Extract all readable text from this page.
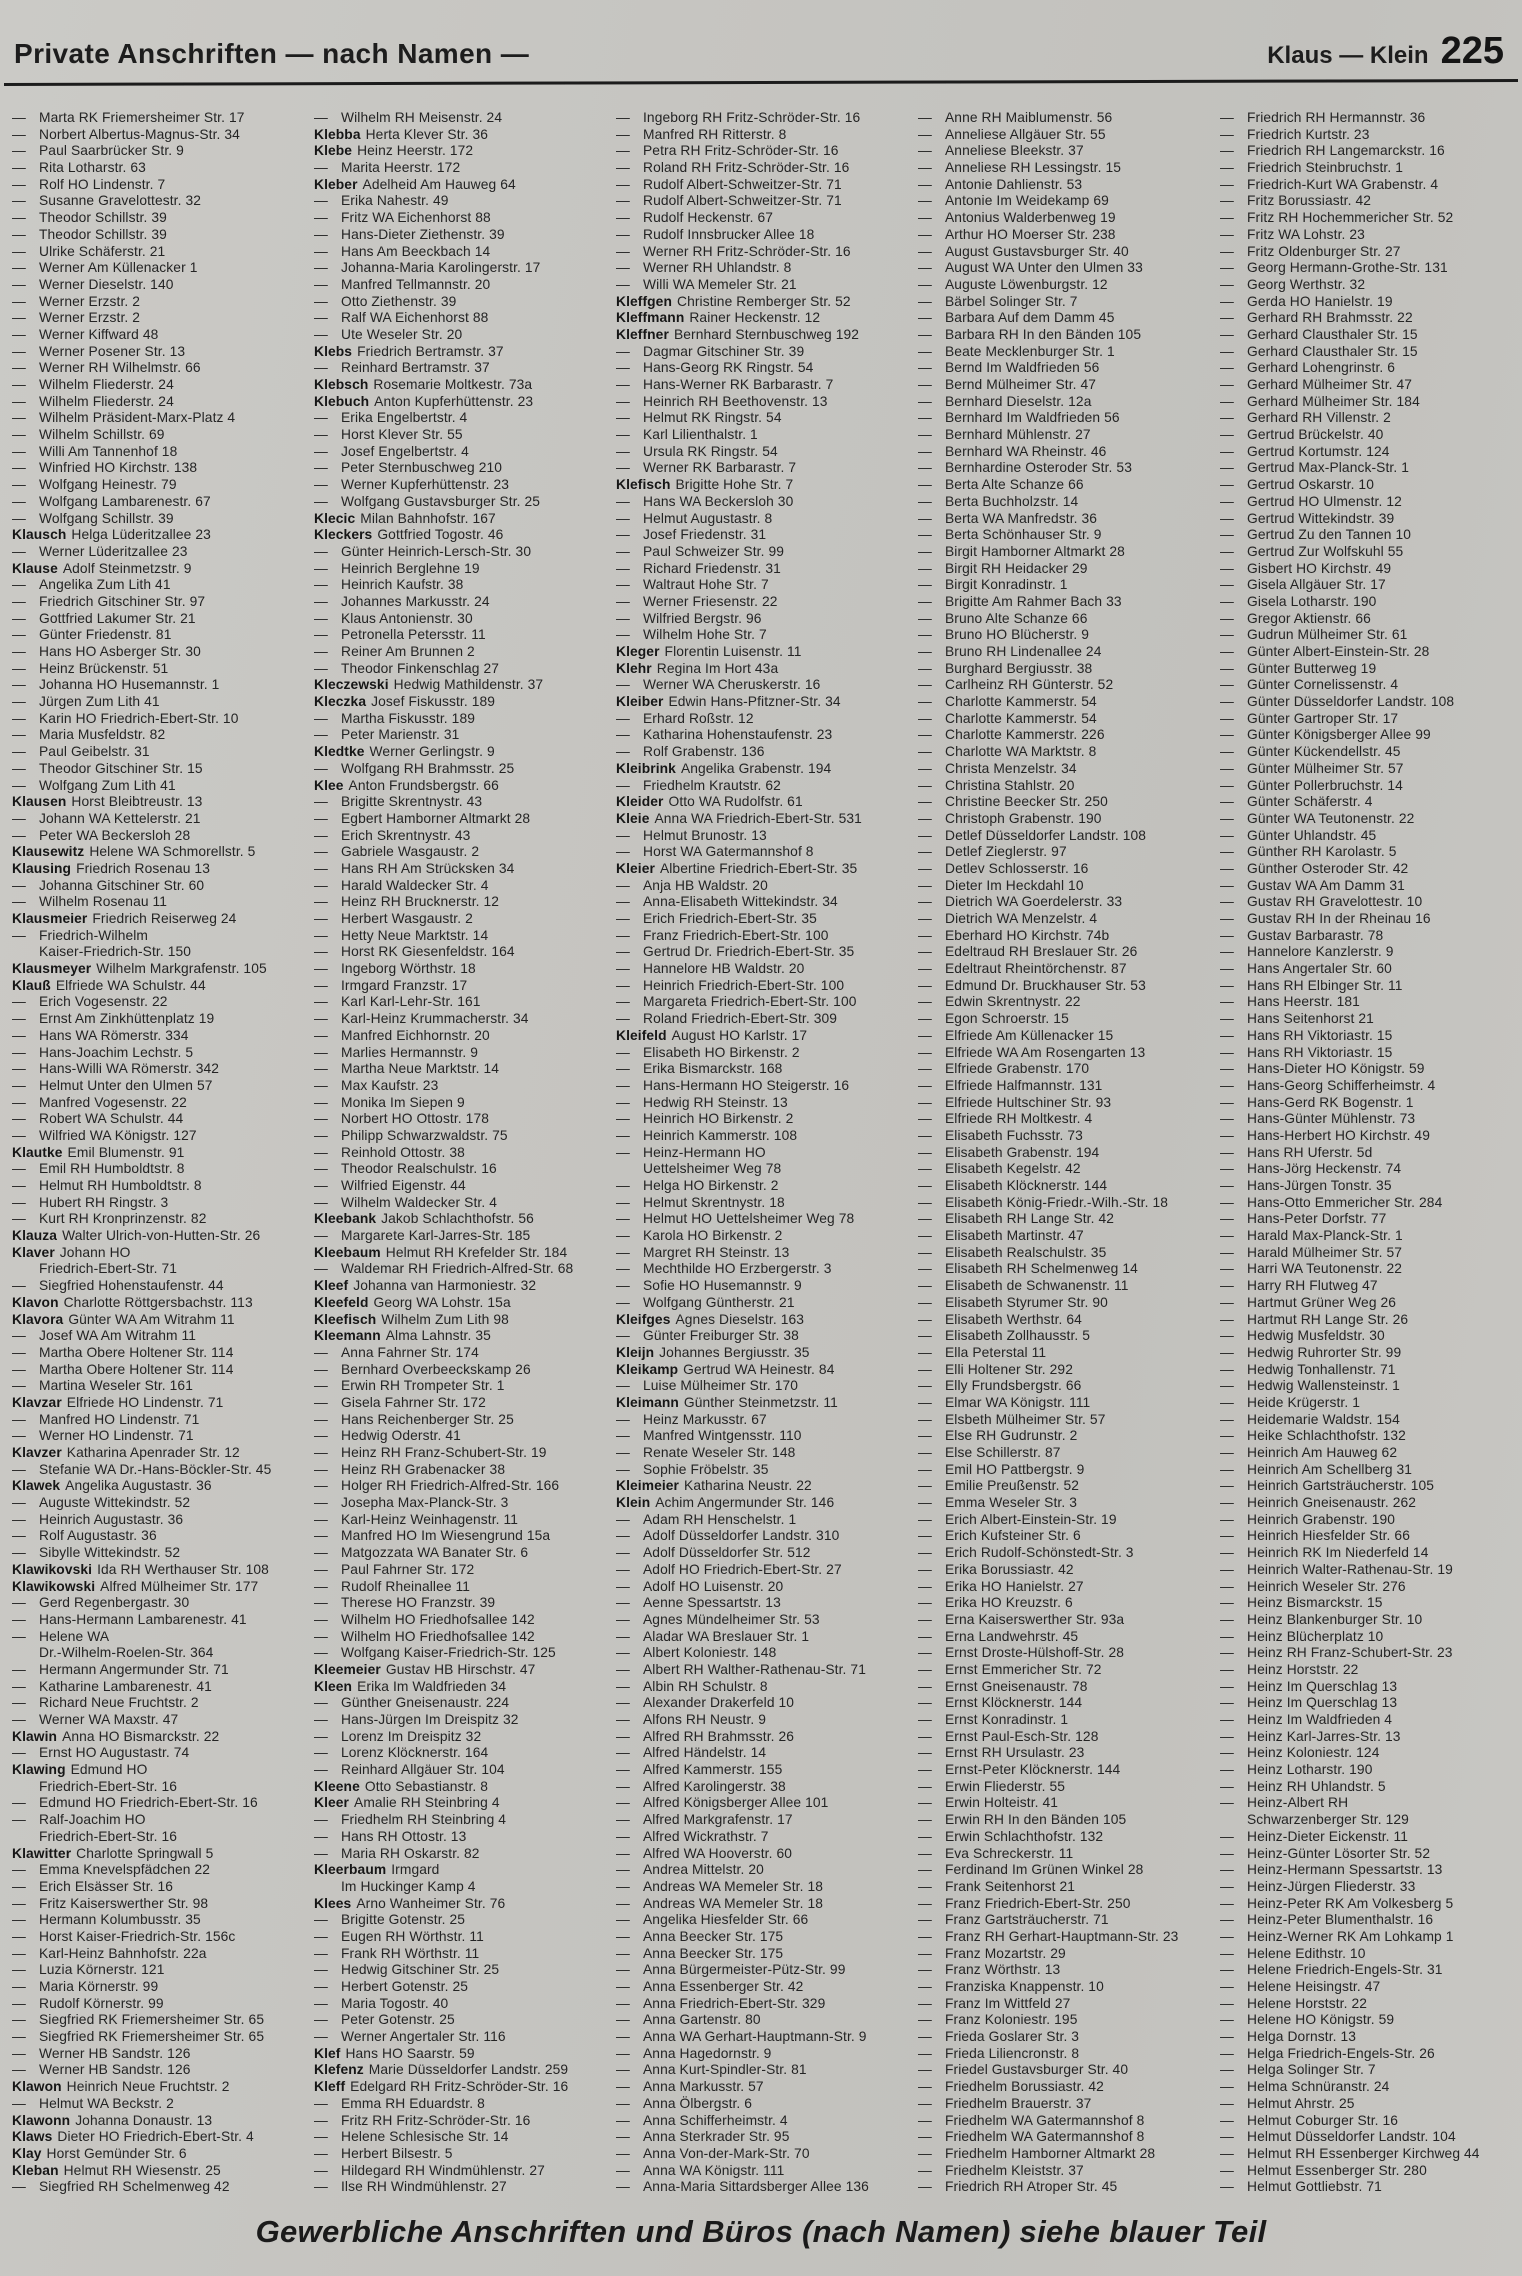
Private Anschriften — nach Namen —	Klaus — Klein 225
— Marta RK Friemersheimer Str. 17
— Norbert Albertus-Magnus-Str. 34
— Paul Saarbrücker Str. 9
— Rita Lotharstr. 63
— Rolf HO Lindenstr. 7
— Susanne Gravelottestr. 32
— Theodor Schillstr. 39
— Theodor Schillstr. 39
— Ulrike Schäferstr. 21
— Werner Am Küllenacker 1
— Werner Dieselstr. 140
— Werner Erzstr. 2
— Werner Erzstr. 2
— Werner Kiffward 48
— Werner Posener Str. 13
— Werner RH Wilhelmstr. 66
— Wilhelm Fliederstr. 24
— Wilhelm Fliederstr. 24
— Wilhelm Präsident-Marx-Platz 4
— Wilhelm Schillstr. 69
— Willi Am Tannenhof 18
— Winfried HO Kirchstr. 138
— Wolfgang Heinestr. 79
— Wolfgang Lambarenestr. 67
— Wolfgang Schillstr. 39
Klausch Helga Lüderitzallee 23
— Werner Lüderitzallee 23
Klause Adolf Steinmetzstr. 9
— Angelika Zum Lith 41
— Friedrich Gitschiner Str. 97
— Gottfried Lakumer Str. 21
— Günter Friedenstr. 81
— Hans HO Asberger Str. 30
— Heinz Brückenstr. 51
— Johanna HO Husemannstr. 1
— Jürgen Zum Lith 41
— Karin HO Friedrich-Ebert-Str. 10
— Maria Musfeldstr. 82
— Paul Geibelstr. 31
— Theodor Gitschiner Str. 15
— Wolfgang Zum Lith 41
Klausen Horst Bleibtreustr. 13
— Johann WA Kettelerstr. 21
— Peter WA Beckersloh 28
Klausewitz Helene WA Schmorellstr. 5
Klausing Friedrich Rosenau 13
— Johanna Gitschiner Str. 60
— Wilhelm Rosenau 11
Klausmeier Friedrich Reiserweg 24
— Friedrich-Wilhelm
Kaiser-Friedrich-Str. 150
Klausmeyer Wilhelm Markgrafenstr. 105
Klauß Elfriede WA Schulstr. 44
— Erich Vogesenstr. 22
— Ernst Am Zinkhüttenplatz 19
— Hans WA Römerstr. 334
— Hans-Joachim Lechstr. 5
— Hans-Willi WA Römerstr. 342
— Helmut Unter den Ulmen 57
— Manfred Vogesenstr. 22
— Robert WA Schulstr. 44
— Wilfried WA Königstr. 127
Klautke Emil Blumenstr. 91
— Emil RH Humboldtstr. 8
— Helmut RH Humboldtstr. 8
— Hubert RH Ringstr. 3
— Kurt RH Kronprinzenstr. 82
Klauza Walter Ulrich-von-Hutten-Str. 26
Klaver Johann HO
Friedrich-Ebert-Str. 71
— Siegfried Hohenstaufenstr. 44
Klavon Charlotte Röttgersbachstr. 113
Klavora Günter WA Am Witrahm 11
— Josef WA Am Witrahm 11
— Martha Obere Holtener Str. 114
— Martha Obere Holtener Str. 114
— Martina Weseler Str. 161
Klavzar Elfriede HO Lindenstr. 71
— Manfred HO Lindenstr. 71
— Werner HO Lindenstr. 71
Klavzer Katharina Apenrader Str. 12
— Stefanie WA Dr.-Hans-Böckler-Str. 45
Klawek Angelika Augustastr. 36
— Auguste Wittekindstr. 52
— Heinrich Augustastr. 36
— Rolf Augustastr. 36
— Sibylle Wittekindstr. 52
Klawikovski Ida RH Werthauser Str. 108
Klawikowski Alfred Mülheimer Str. 177
— Gerd Regenbergastr. 30
— Hans-Hermann Lambarenestr. 41
— Helene WA
Dr.-Wilhelm-Roelen-Str. 364
— Hermann Angermunder Str. 71
— Katharine Lambarenestr. 41
— Richard Neue Fruchtstr. 2
— Werner WA Maxstr. 47
Klawin Anna HO Bismarckstr. 22
— Ernst HO Augustastr. 74
Klawing Edmund HO
Friedrich-Ebert-Str. 16
— Edmund HO Friedrich-Ebert-Str. 16
— Ralf-Joachim HO
Friedrich-Ebert-Str. 16
Klawitter Charlotte Springwall 5
— Emma Knevelspfädchen 22
— Erich Elsässer Str. 16
— Fritz Kaiserswerther Str. 98
— Hermann Kolumbusstr. 35
— Horst Kaiser-Friedrich-Str. 156c
— Karl-Heinz Bahnhofstr. 22a
— Luzia Körnerstr. 121
— Maria Körnerstr. 99
— Rudolf Körnerstr. 99
— Siegfried RK Friemersheimer Str. 65
— Siegfried RK Friemersheimer Str. 65
— Werner HB Sandstr. 126
— Werner HB Sandstr. 126
Klawon Heinrich Neue Fruchtstr. 2
— Helmut WA Beckstr. 2
Klawonn Johanna Donaustr. 13
Klaws Dieter HO Friedrich-Ebert-Str. 4
Klay Horst Gemünder Str. 6
Kleban Helmut RH Wiesenstr. 25
— Siegfried RH Schelmenweg 42
— Wilhelm RH Meisenstr. 24
Klebba Herta Klever Str. 36
Klebe Heinz Heerstr. 172
— Marita Heerstr. 172
Kleber Adelheid Am Hauweg 64
— Erika Nahestr. 49
— Fritz WA Eichenhorst 88
— Hans-Dieter Ziethenstr. 39
— Hans Am Beeckbach 14
— Johanna-Maria Karolingerstr. 17
— Manfred Tellmannstr. 20
— Otto Ziethenstr. 39
— Ralf WA Eichenhorst 88
— Ute Weseler Str. 20
Klebs Friedrich Bertramstr. 37
— Reinhard Bertramstr. 37
Klebsch Rosemarie Moltkestr. 73a
Klebuch Anton Kupferhüttenstr. 23
— Erika Engelbertstr. 4
— Horst Klever Str. 55
— Josef Engelbertstr. 4
— Peter Sternbuschweg 210
— Werner Kupferhüttenstr. 23
— Wolfgang Gustavsburger Str. 25
Klecic Milan Bahnhofstr. 167
Kleckers Gottfried Togostr. 46
— Günter Heinrich-Lersch-Str. 30
— Heinrich Berglehne 19
— Heinrich Kaufstr. 38
— Johannes Markusstr. 24
— Klaus Antonienstr. 30
— Petronella Petersstr. 11
— Reiner Am Brunnen 2
— Theodor Finkenschlag 27
Kleczewski Hedwig Mathildenstr. 37
Kleczka Josef Fiskusstr. 189
— Martha Fiskusstr. 189
— Peter Marienstr. 31
Kledtke Werner Gerlingstr. 9
— Wolfgang RH Brahmsstr. 25
Klee Anton Frundsbergstr. 66
— Brigitte Skrentnystr. 43
— Egbert Hamborner Altmarkt 28
— Erich Skrentnystr. 43
— Gabriele Wasgaustr. 2
— Hans RH Am Strücksken 34
— Harald Waldecker Str. 4
— Heinz RH Brucknerstr. 12
— Herbert Wasgaustr. 2
— Hetty Neue Marktstr. 14
— Horst RK Giesenfeldstr. 164
— Ingeborg Wörthstr. 18
— Irmgard Franzstr. 17
— Karl Karl-Lehr-Str. 161
— Karl-Heinz Krummacherstr. 34
— Manfred Eichhornstr. 20
— Marlies Hermannstr. 9
— Martha Neue Marktstr. 14
— Max Kaufstr. 23
— Monika Im Siepen 9
— Norbert HO Ottostr. 178
— Philipp Schwarzwaldstr. 75
— Reinhold Ottostr. 38
— Theodor Realschulstr. 16
— Wilfried Eigenstr. 44
— Wilhelm Waldecker Str. 4
Kleebank Jakob Schlachthofstr. 56
— Margarete Karl-Jarres-Str. 185
Kleebaum Helmut RH Krefelder Str. 184
— Waldemar RH Friedrich-Alfred-Str. 68
Kleef Johanna van Harmoniestr. 32
Kleefeld Georg WA Lohstr. 15a
Kleefisch Wilhelm Zum Lith 98
Kleemann Alma Lahnstr. 35
— Anna Fahrner Str. 174
— Bernhard Overbeeckskamp 26
— Erwin RH Trompeter Str. 1
— Gisela Fahrner Str. 172
— Hans Reichenberger Str. 25
— Hedwig Oderstr. 41
— Heinz RH Franz-Schubert-Str. 19
— Heinz RH Grabenacker 38
— Holger RH Friedrich-Alfred-Str. 166
— Josepha Max-Planck-Str. 3
— Karl-Heinz Weinhagenstr. 11
— Manfred HO Im Wiesengrund 15a
— Matgozzata WA Banater Str. 6
— Paul Fahrner Str. 172
— Rudolf Rheinallee 11
— Therese HO Franzstr. 39
— Wilhelm HO Friedhofsallee 142
— Wilhelm HO Friedhofsallee 142
— Wolfgang Kaiser-Friedrich-Str. 125
Kleemeier Gustav HB Hirschstr. 47
Kleen Erika Im Waldfrieden 34
— Günther Gneisenaustr. 224
— Hans-Jürgen Im Dreispitz 32
— Lorenz Im Dreispitz 32
— Lorenz Klöcknerstr. 164
— Reinhard Allgäuer Str. 104
Kleene Otto Sebastianstr. 8
Kleer Amalie RH Steinbring 4
— Friedhelm RH Steinbring 4
— Hans RH Ottostr. 13
— Maria RH Oskarstr. 82
Kleerbaum Irmgard
Im Huckinger Kamp 4
Klees Arno Wanheimer Str. 76
— Brigitte Gotenstr. 25
— Eugen RH Wörthstr. 11
— Frank RH Wörthstr. 11
— Hedwig Gitschiner Str. 25
— Herbert Gotenstr. 25
— Maria Togostr. 40
— Peter Gotenstr. 25
— Werner Angertaler Str. 116
Klef Hans HO Saarstr. 59
Klefenz Marie Düsseldorfer Landstr. 259
Kleff Edelgard RH Fritz-Schröder-Str. 16
— Emma RH Eduardstr. 8
— Fritz RH Fritz-Schröder-Str. 16
— Helene Schlesische Str. 14
— Herbert Bilsestr. 5
— Hildegard RH Windmühlenstr. 27
— Ilse RH Windmühlenstr. 27
— Ingeborg RH Fritz-Schröder-Str. 16
— Manfred RH Ritterstr. 8
— Petra RH Fritz-Schröder-Str. 16
— Roland RH Fritz-Schröder-Str. 16
— Rudolf Albert-Schweitzer-Str. 71
— Rudolf Albert-Schweitzer-Str. 71
— Rudolf Heckenstr. 67
— Rudolf Innsbrucker Allee 18
— Werner RH Fritz-Schröder-Str. 16
— Werner RH Uhlandstr. 8
— Willi WA Memeler Str. 21
Kleffgen Christine Remberger Str. 52
Kleffmann Rainer Heckenstr. 12
Kleffner Bernhard Sternbuschweg 192
— Dagmar Gitschiner Str. 39
— Hans-Georg RK Ringstr. 54
— Hans-Werner RK Barbarastr. 7
— Heinrich RH Beethovenstr. 13
— Helmut RK Ringstr. 54
— Karl Lilienthalstr. 1
— Ursula RK Ringstr. 54
— Werner RK Barbarastr. 7
Klefisch Brigitte Hohe Str. 7
— Hans WA Beckersloh 30
— Helmut Augustastr. 8
— Josef Friedenstr. 31
— Paul Schweizer Str. 99
— Richard Friedenstr. 31
— Waltraut Hohe Str. 7
— Werner Friesenstr. 22
— Wilfried Bergstr. 96
— Wilhelm Hohe Str. 7
Kleger Florentin Luisenstr. 11
Klehr Regina Im Hort 43a
— Werner WA Cheruskerstr. 16
Kleiber Edwin Hans-Pfitzner-Str. 34
— Erhard Roßstr. 12
— Katharina Hohenstaufenstr. 23
— Rolf Grabenstr. 136
Kleibrink Angelika Grabenstr. 194
— Friedhelm Krautstr. 62
Kleider Otto WA Rudolfstr. 61
Kleie Anna WA Friedrich-Ebert-Str. 531
— Helmut Brunostr. 13
— Horst WA Gatermannshof 8
Kleier Albertine Friedrich-Ebert-Str. 35
— Anja HB Waldstr. 20
— Anna-Elisabeth Wittekindstr. 34
— Erich Friedrich-Ebert-Str. 35
— Franz Friedrich-Ebert-Str. 100
— Gertrud Dr. Friedrich-Ebert-Str. 35
— Hannelore HB Waldstr. 20
— Heinrich Friedrich-Ebert-Str. 100
— Margareta Friedrich-Ebert-Str. 100
— Roland Friedrich-Ebert-Str. 309
Kleifeld August HO Karlstr. 17
— Elisabeth HO Birkenstr. 2
— Erika Bismarckstr. 168
— Hans-Hermann HO Steigerstr. 16
— Hedwig RH Steinstr. 13
— Heinrich HO Birkenstr. 2
— Heinrich Kammerstr. 108
— Heinz-Hermann HO
Uettelsheimer Weg 78
— Helga HO Birkenstr. 2
— Helmut Skrentnystr. 18
— Helmut HO Uettelsheimer Weg 78
— Karola HO Birkenstr. 2
— Margret RH Steinstr. 13
— Mechthilde HO Erzbergerstr. 3
— Sofie HO Husemannstr. 9
— Wolfgang Güntherstr. 21
Kleifges Agnes Dieselstr. 163
— Günter Freiburger Str. 38
Kleijn Johannes Bergiusstr. 35
Kleikamp Gertrud WA Heinestr. 84
— Luise Mülheimer Str. 170
Kleimann Günther Steinmetzstr. 11
— Heinz Markusstr. 67
— Manfred Wintgensstr. 110
— Renate Weseler Str. 148
— Sophie Fröbelstr. 35
Kleimeier Katharina Neustr. 22
Klein Achim Angermunder Str. 146
— Adam RH Henschelstr. 1
— Adolf Düsseldorfer Landstr. 310
— Adolf Düsseldorfer Str. 512
— Adolf HO Friedrich-Ebert-Str. 27
— Adolf HO Luisenstr. 20
— Aenne Spessartstr. 13
— Agnes Mündelheimer Str. 53
— Aladar WA Breslauer Str. 1
— Albert Koloniestr. 148
— Albert RH Walther-Rathenau-Str. 71
— Albin RH Schulstr. 8
— Alexander Drakerfeld 10
— Alfons RH Neustr. 9
— Alfred RH Brahmsstr. 26
— Alfred Händelstr. 14
— Alfred Kammerstr. 155
— Alfred Karolingerstr. 38
— Alfred Königsberger Allee 101
— Alfred Markgrafenstr. 17
— Alfred Wickrathstr. 7
— Alfred WA Hooverstr. 60
— Andrea Mittelstr. 20
— Andreas WA Memeler Str. 18
— Andreas WA Memeler Str. 18
— Angelika Hiesfelder Str. 66
— Anna Beecker Str. 175
— Anna Beecker Str. 175
— Anna Bürgermeister-Pütz-Str. 99
— Anna Essenberger Str. 42
— Anna Friedrich-Ebert-Str. 329
— Anna Gartenstr. 80
— Anna WA Gerhart-Hauptmann-Str. 9
— Anna Hagedornstr. 9
— Anna Kurt-Spindler-Str. 81
— Anna Markusstr. 57
— Anna Ölbergstr. 6
— Anna Schifferheimstr. 4
— Anna Sterkrader Str. 95
— Anna Von-der-Mark-Str. 70
— Anna WA Königstr. 111
— Anna-Maria Sittardsberger Allee 136
— Anne RH Maiblumenstr. 56
— Anneliese Allgäuer Str. 55
— Anneliese Bleekstr. 37
— Anneliese RH Lessingstr. 15
— Antonie Dahlienstr. 53
— Antonie Im Weidekamp 69
— Antonius Walderbenweg 19
— Arthur HO Moerser Str. 238
— August Gustavsburger Str. 40
— August WA Unter den Ulmen 33
— Auguste Löwenburgstr. 12
— Bärbel Solinger Str. 7
— Barbara Auf dem Damm 45
— Barbara RH In den Bänden 105
— Beate Mecklenburger Str. 1
— Bernd Im Waldfrieden 56
— Bernd Mülheimer Str. 47
— Bernhard Dieselstr. 12a
— Bernhard Im Waldfrieden 56
— Bernhard Mühlenstr. 27
— Bernhard WA Rheinstr. 46
— Bernhardine Osteroder Str. 53
— Berta Alte Schanze 66
— Berta Buchholzstr. 14
— Berta WA Manfredstr. 36
— Berta Schönhauser Str. 9
— Birgit Hamborner Altmarkt 28
— Birgit RH Heidacker 29
— Birgit Konradinstr. 1
— Brigitte Am Rahmer Bach 33
— Bruno Alte Schanze 66
— Bruno HO Blücherstr. 9
— Bruno RH Lindenallee 24
— Burghard Bergiusstr. 38
— Carlheinz RH Günterstr. 52
— Charlotte Kammerstr. 54
— Charlotte Kammerstr. 54
— Charlotte Kammerstr. 226
— Charlotte WA Marktstr. 8
— Christa Menzelstr. 34
— Christina Stahlstr. 20
— Christine Beecker Str. 250
— Christoph Grabenstr. 190
— Detlef Düsseldorfer Landstr. 108
— Detlef Zieglerstr. 97
— Detlev Schlosserstr. 16
— Dieter Im Heckdahl 10
— Dietrich WA Goerdelerstr. 33
— Dietrich WA Menzelstr. 4
— Eberhard HO Kirchstr. 74b
— Edeltraud RH Breslauer Str. 26
— Edeltraut Rheintörchenstr. 87
— Edmund Dr. Bruckhauser Str. 53
— Edwin Skrentnystr. 22
— Egon Schroerstr. 15
— Elfriede Am Küllenacker 15
— Elfriede WA Am Rosengarten 13
— Elfriede Grabenstr. 170
— Elfriede Halfmannstr. 131
— Elfriede Hultschiner Str. 93
— Elfriede RH Moltkestr. 4
— Elisabeth Fuchsstr. 73
— Elisabeth Grabenstr. 194
— Elisabeth Kegelstr. 42
— Elisabeth Klöcknerstr. 144
— Elisabeth König-Friedr.-Wilh.-Str. 18
— Elisabeth RH Lange Str. 42
— Elisabeth Martinstr. 47
— Elisabeth Realschulstr. 35
— Elisabeth RH Schelmenweg 14
— Elisabeth de Schwanenstr. 11
— Elisabeth Styrumer Str. 90
— Elisabeth Werthstr. 64
— Elisabeth Zollhausstr. 5
— Ella Peterstal 11
— Elli Holtener Str. 292
— Elly Frundsbergstr. 66
— Elmar WA Königstr. 111
— Elsbeth Mülheimer Str. 57
— Else RH Gudrunstr. 2
— Else Schillerstr. 87
— Emil HO Pattbergstr. 9
— Emilie Preußenstr. 52
— Emma Weseler Str. 3
— Erich Albert-Einstein-Str. 19
— Erich Kufsteiner Str. 6
— Erich Rudolf-Schönstedt-Str. 3
— Erika Borussiastr. 42
— Erika HO Hanielstr. 27
— Erika HO Kreuzstr. 6
— Erna Kaiserswerther Str. 93a
— Erna Landwehrstr. 45
— Ernst Droste-Hülshoff-Str. 28
— Ernst Emmericher Str. 72
— Ernst Gneisenaustr. 78
— Ernst Klöcknerstr. 144
— Ernst Konradinstr. 1
— Ernst Paul-Esch-Str. 128
— Ernst RH Ursulastr. 23
— Ernst-Peter Klöcknerstr. 144
— Erwin Fliederstr. 55
— Erwin Holteistr. 41
— Erwin RH In den Bänden 105
— Erwin Schlachthofstr. 132
— Eva Schreckerstr. 11
— Ferdinand Im Grünen Winkel 28
— Frank Seitenhorst 21
— Franz Friedrich-Ebert-Str. 250
— Franz Gartsträucherstr. 71
— Franz RH Gerhart-Hauptmann-Str. 23
— Franz Mozartstr. 29
— Franz Wörthstr. 13
— Franziska Knappenstr. 10
— Franz Im Wittfeld 27
— Franz Koloniestr. 195
— Frieda Goslarer Str. 3
— Frieda Liliencronstr. 8
— Friedel Gustavsburger Str. 40
— Friedhelm Borussiastr. 42
— Friedhelm Brauerstr. 37
— Friedhelm WA Gatermannshof 8
— Friedhelm WA Gatermannshof 8
— Friedhelm Hamborner Altmarkt 28
— Friedhelm Kleiststr. 37
— Friedrich RH Atroper Str. 45
— Friedrich RH Hermannstr. 36
— Friedrich Kurtstr. 23
— Friedrich RH Langemarckstr. 16
— Friedrich Steinbruchstr. 1
— Friedrich-Kurt WA Grabenstr. 4
— Fritz Borussiastr. 42
— Fritz RH Hochemmericher Str. 52
— Fritz WA Lohstr. 23
— Fritz Oldenburger Str. 27
— Georg Hermann-Grothe-Str. 131
— Georg Werthstr. 32
— Gerda HO Hanielstr. 19
— Gerhard RH Brahmsstr. 22
— Gerhard Clausthaler Str. 15
— Gerhard Clausthaler Str. 15
— Gerhard Lohengrinstr. 6
— Gerhard Mülheimer Str. 47
— Gerhard Mülheimer Str. 184
— Gerhard RH Villenstr. 2
— Gertrud Brückelstr. 40
— Gertrud Kortumstr. 124
— Gertrud Max-Planck-Str. 1
— Gertrud Oskarstr. 10
— Gertrud HO Ulmenstr. 12
— Gertrud Wittekindstr. 39
— Gertrud Zu den Tannen 10
— Gertrud Zur Wolfskuhl 55
— Gisbert HO Kirchstr. 49
— Gisela Allgäuer Str. 17
— Gisela Lotharstr. 190
— Gregor Aktienstr. 66
— Gudrun Mülheimer Str. 61
— Günter Albert-Einstein-Str. 28
— Günter Butterweg 19
— Günter Cornelissenstr. 4
— Günter Düsseldorfer Landstr. 108
— Günter Gartroper Str. 17
— Günter Königsberger Allee 99
— Günter Kückendellstr. 45
— Günter Mülheimer Str. 57
— Günter Pollerbruchstr. 14
— Günter Schäferstr. 4
— Günter WA Teutonenstr. 22
— Günter Uhlandstr. 45
— Günther RH Karolastr. 5
— Günther Osteroder Str. 42
— Gustav WA Am Damm 31
— Gustav RH Gravelottestr. 10
— Gustav RH In der Rheinau 16
— Gustav Barbarastr. 78
— Hannelore Kanzlerstr. 9
— Hans Angertaler Str. 60
— Hans RH Elbinger Str. 11
— Hans Heerstr. 181
— Hans Seitenhorst 21
— Hans RH Viktoriastr. 15
— Hans RH Viktoriastr. 15
— Hans-Dieter HO Königstr. 59
— Hans-Georg Schifferheimstr. 4
— Hans-Gerd RK Bogenstr. 1
— Hans-Günter Mühlenstr. 73
— Hans-Herbert HO Kirchstr. 49
— Hans RH Uferstr. 5d
— Hans-Jörg Heckenstr. 74
— Hans-Jürgen Tonstr. 35
— Hans-Otto Emmericher Str. 284
— Hans-Peter Dorfstr. 77
— Harald Max-Planck-Str. 1
— Harald Mülheimer Str. 57
— Harri WA Teutonenstr. 22
— Harry RH Flutweg 47
— Hartmut Grüner Weg 26
— Hartmut RH Lange Str. 26
— Hedwig Musfeldstr. 30
— Hedwig Ruhrorter Str. 99
— Hedwig Tonhallenstr. 71
— Hedwig Wallensteinstr. 1
— Heide Krügerstr. 1
— Heidemarie Waldstr. 154
— Heike Schlachthofstr. 132
— Heinrich Am Hauweg 62
— Heinrich Am Schellberg 31
— Heinrich Gartsträucherstr. 105
— Heinrich Gneisenaustr. 262
— Heinrich Grabenstr. 190
— Heinrich Hiesfelder Str. 66
— Heinrich RK Im Niederfeld 14
— Heinrich Walter-Rathenau-Str. 19
— Heinrich Weseler Str. 276
— Heinz Bismarckstr. 15
— Heinz Blankenburger Str. 10
— Heinz Blücherplatz 10
— Heinz RH Franz-Schubert-Str. 23
— Heinz Horststr. 22
— Heinz Im Querschlag 13
— Heinz Im Querschlag 13
— Heinz Im Waldfrieden 4
— Heinz Karl-Jarres-Str. 13
— Heinz Koloniestr. 124
— Heinz Lotharstr. 190
— Heinz RH Uhlandstr. 5
— Heinz-Albert RH
Schwarzenberger Str. 129
— Heinz-Dieter Eickenstr. 11
— Heinz-Günter Lösorter Str. 52
— Heinz-Hermann Spessartstr. 13
— Heinz-Jürgen Fliederstr. 33
— Heinz-Peter RK Am Volkesberg 5
— Heinz-Peter Blumenthalstr. 16
— Heinz-Werner RK Am Lohkamp 1
— Helene Edithstr. 10
— Helene Friedrich-Engels-Str. 31
— Helene Heisingstr. 47
— Helene Horststr. 22
— Helene HO Königstr. 59
— Helga Dornstr. 13
— Helga Friedrich-Engels-Str. 26
— Helga Solinger Str. 7
— Helma Schnüranstr. 24
— Helmut Ahrstr. 25
— Helmut Coburger Str. 16
— Helmut Düsseldorfer Landstr. 104
— Helmut RH Essenberger Kirchweg 44
— Helmut Essenberger Str. 280
— Helmut Gottliebstr. 71
Gewerbliche Anschriften und Büros (nach Namen) siehe blauer Teil
